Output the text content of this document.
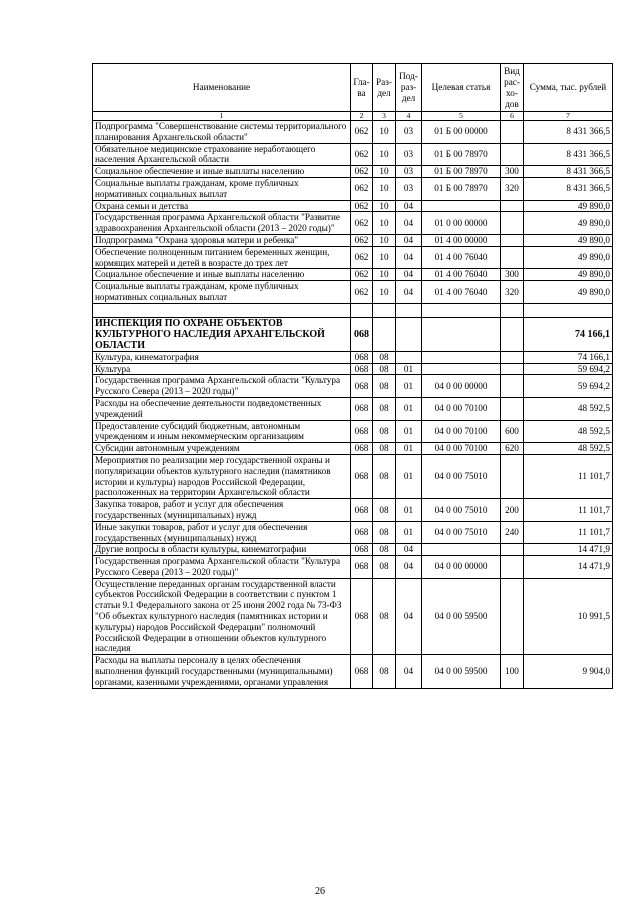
Наименование	Гла-ва	Раз-дел	Под-раз-дел	Целевая статья	Вид рас-хо-дов	Сумма, тыс. рублей
1	2	3	4	5	6	7
Подпрограмма "Совершенствование системы территориального планирования Архангельской области"	062	10	03	01 Б 00 00000		8 431 366,5
Обязательное медицинское страхование неработающего населения Архангельской области	062	10	03	01 Б 00 78970		8 431 366,5
Социальное обеспечение и иные выплаты населению	062	10	03	01 Б 00 78970	300	8 431 366,5
Социальные выплаты гражданам, кроме публичных нормативных социальных выплат	062	10	03	01 Б 00 78970	320	8 431 366,5
Охрана семьи и детства	062	10	04			49 890,0
Государственная программа Архангельской области "Развитие здравоохранения Архангельской области (2013 – 2020 годы)"	062	10	04	01 0 00 00000		49 890,0
Подпрограмма "Охрана здоровья матери и ребенка"	062	10	04	01 4 00 00000		49 890,0
Обеспечение полноценным питанием беременных женщин, кормящих матерей и детей в возрасте до трех лет	062	10	04	01 4 00 76040		49 890,0
Социальное обеспечение и иные выплаты населению	062	10	04	01 4 00 76040	300	49 890,0
Социальные выплаты гражданам, кроме публичных нормативных социальных выплат	062	10	04	01 4 00 76040	320	49 890,0

ИНСПЕКЦИЯ ПО ОХРАНЕ ОБЪЕКТОВ КУЛЬТУРНОГО НАСЛЕДИЯ АРХАНГЕЛЬСКОЙ ОБЛАСТИ	068					74 166,1
Культура, кинематография	068	08				74 166,1
Культура	068	08	01			59 694,2
Государственная программа Архангельской области "Культура Русского Севера (2013 – 2020 годы)"	068	08	01	04 0 00 00000		59 694,2
Расходы на обеспечение деятельности подведомственных учреждений	068	08	01	04 0 00 70100		48 592,5
Предоставление субсидий бюджетным, автономным учреждениям и иным некоммерческим организациям	068	08	01	04 0 00 70100	600	48 592,5
Субсидии автономным учреждениям	068	08	01	04 0 00 70100	620	48 592,5
Мероприятия по реализации мер государственной охраны и популяризации объектов культурного наследия (памятников истории и культуры) народов Российской Федерации, расположенных на территории Архангельской области	068	08	01	04 0 00 75010		11 101,7
Закупка товаров, работ и услуг для обеспечения государственных (муниципальных) нужд	068	08	01	04 0 00 75010	200	11 101,7
Иные закупки товаров, работ и услуг для обеспечения государственных (муниципальных) нужд	068	08	01	04 0 00 75010	240	11 101,7
Другие вопросы в области культуры, кинематографии	068	08	04			14 471,9
Государственная программа Архангельской области "Культура Русского Севера (2013 – 2020 годы)"	068	08	04	04 0 00 00000		14 471,9
Осуществление переданных органам государственной власти субъектов Российской Федерации в соответствии с пунктом 1 статьи 9.1 Федерального закона от 25 июня 2002 года № 73-ФЗ "Об объектах культурного наследия (памятниках истории и культуры) народов Российской Федерации" полномочий Российской Федерации в отношении объектов культурного наследия	068	08	04	04 0 00 59500		10 991,5
Расходы на выплаты персоналу в целях обеспечения выполнения функций государственными (муниципальными) органами, казенными учреждениями, органами управления	068	08	04	04 0 00 59500	100	9 904,0
26
